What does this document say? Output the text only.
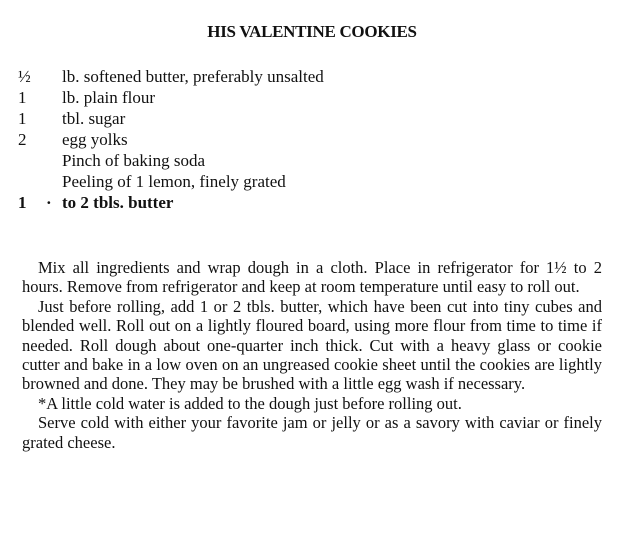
HIS VALENTINE COOKIES
½	lb. softened butter, preferably unsalted
1	lb. plain flour
1	tbl. sugar
2	egg yolks
Pinch of baking soda
Peeling of 1 lemon, finely grated
1	· to 2 tbls. butter

Mix all ingredients and wrap dough in a cloth. Place in refrigerator for 1½ to 2 hours. Remove from refrigerator and keep at room temperature until easy to roll out.

Just before rolling, add 1 or 2 tbls. butter, which have been cut into tiny cubes and blended well. Roll out on a lightly floured board, using more flour from time to time if needed. Roll dough about one-quarter inch thick. Cut with a heavy glass or cookie cutter and bake in a low oven on an ungreased cookie sheet until the cookies are lightly browned and done. They may be brushed with a little egg wash if necessary.

*A little cold water is added to the dough just before rolling out.

Serve cold with either your favorite jam or jelly or as a savory with caviar or finely grated cheese.
